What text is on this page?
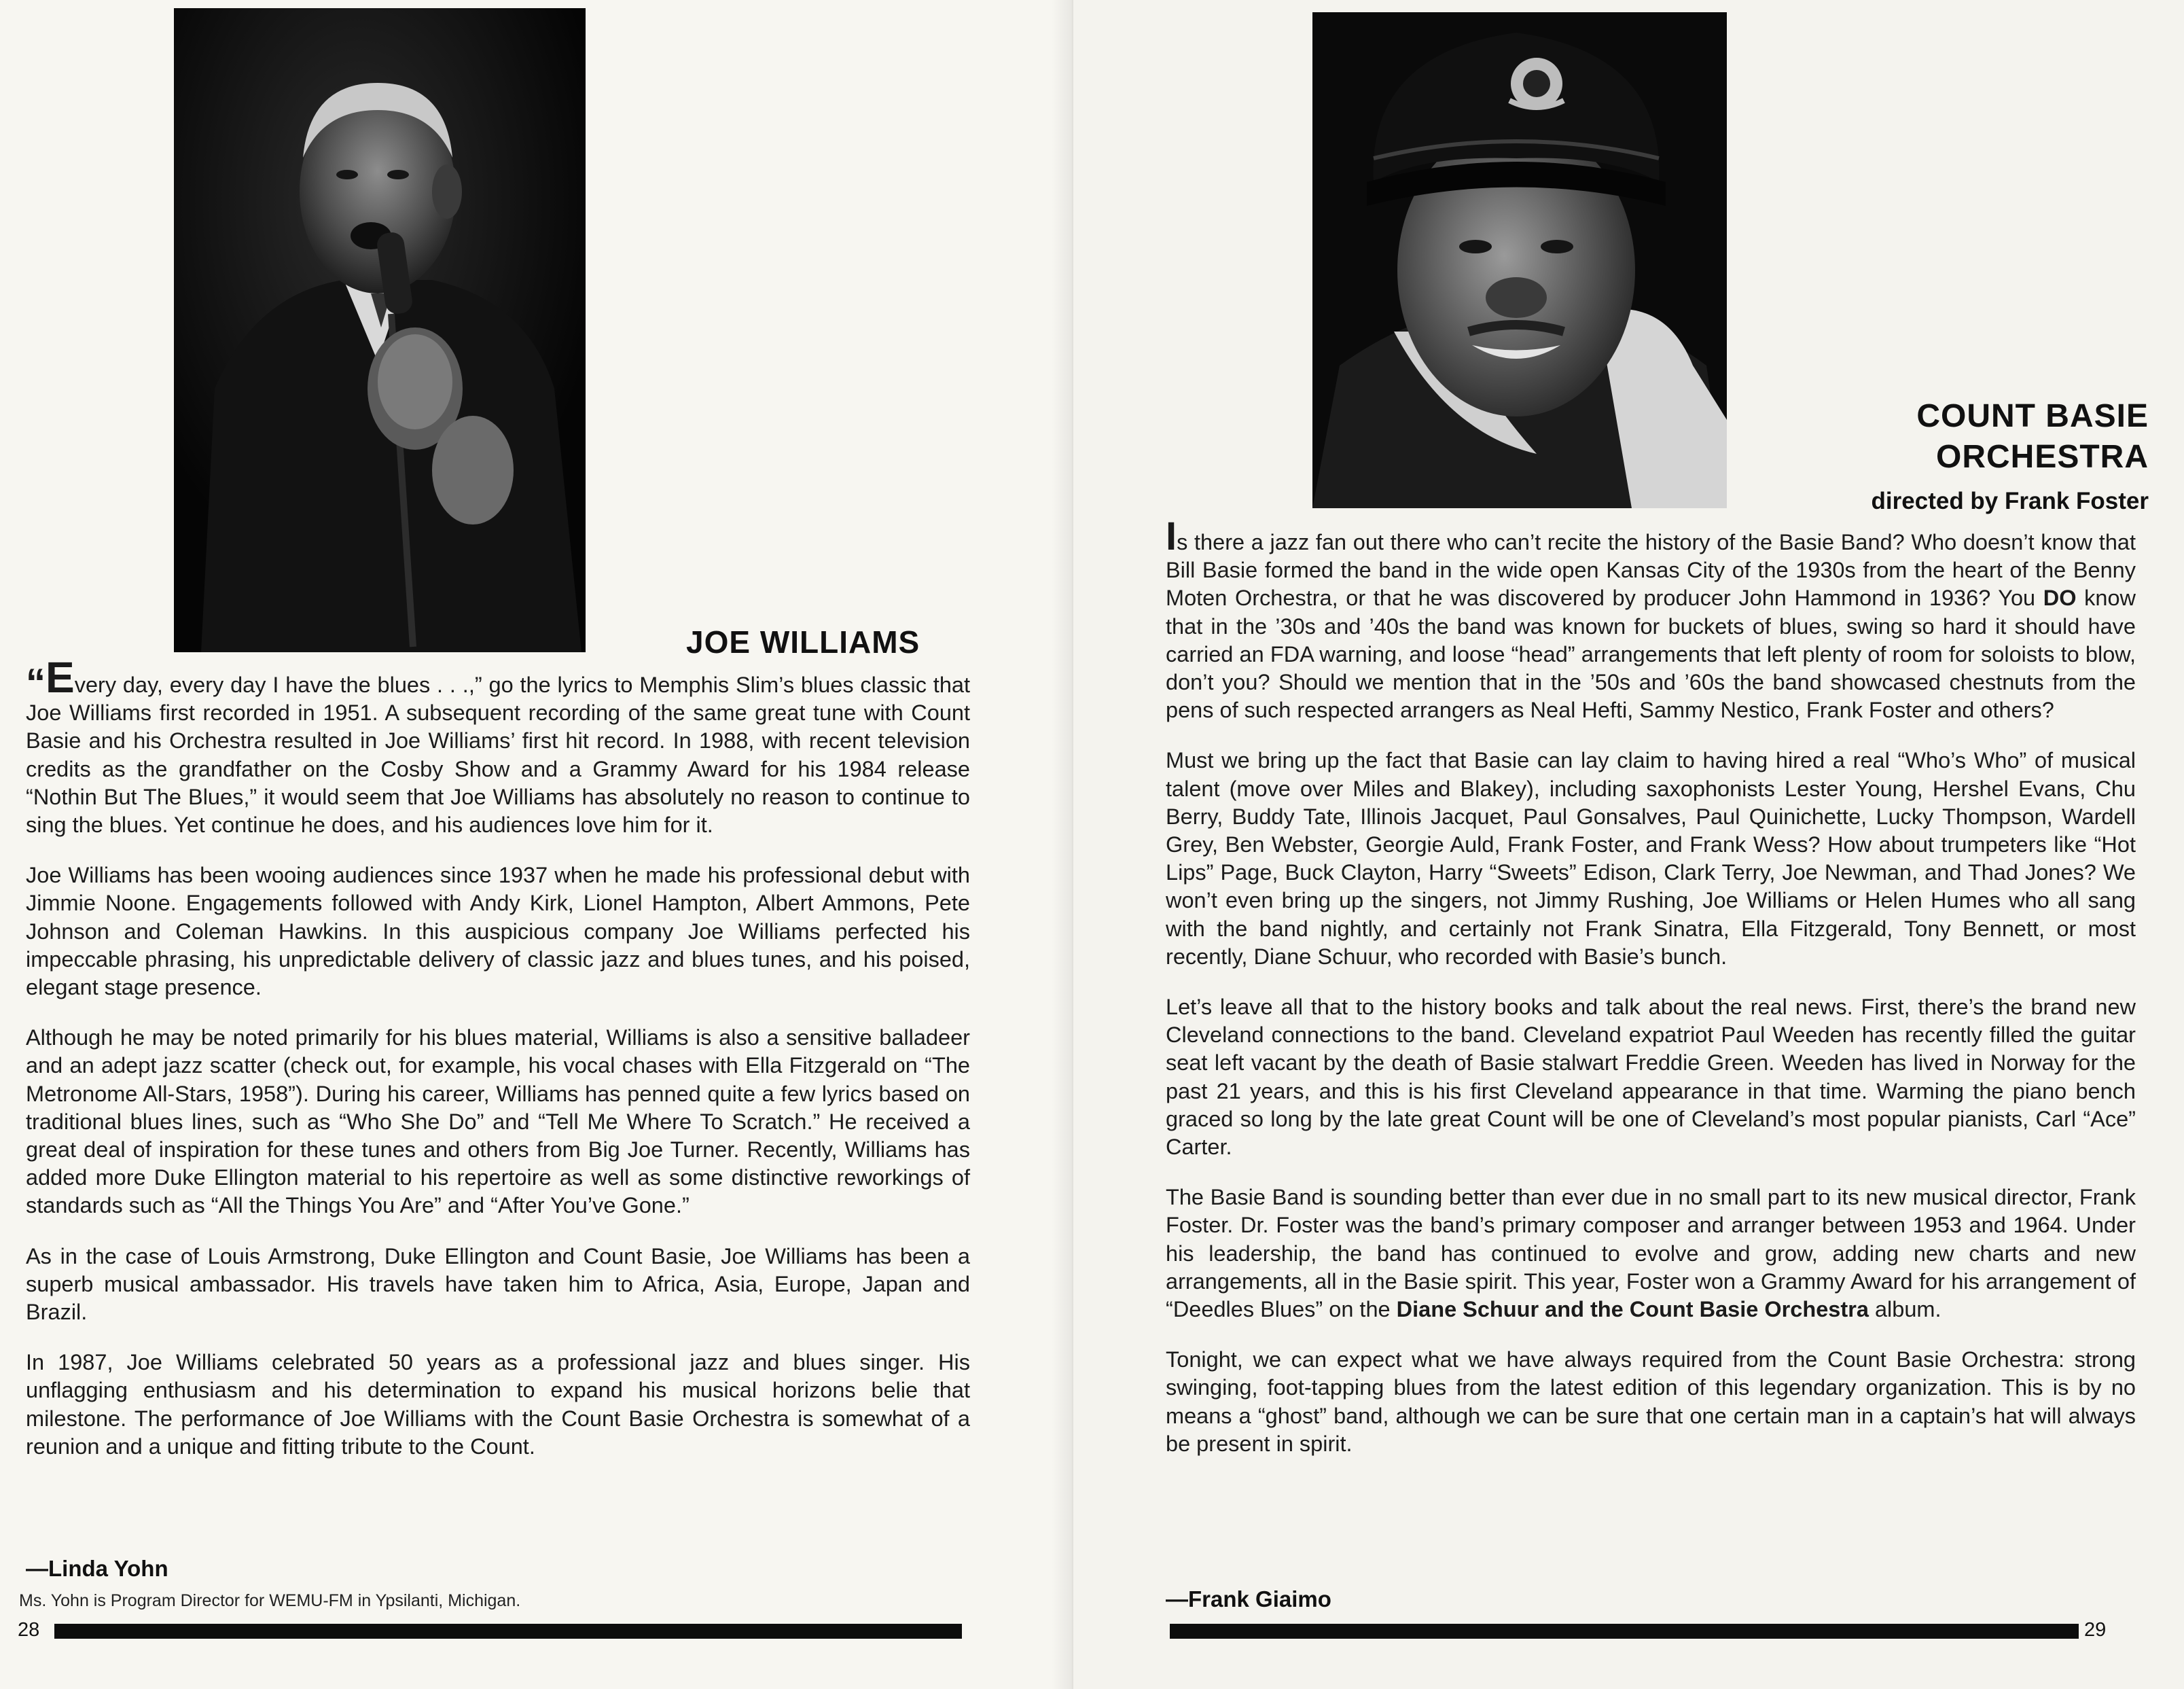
JOE WILLIAMS

“Every day, every day I have the blues . . .,” go the lyrics to Memphis Slim’s blues classic that Joe Williams first recorded in 1951. A subsequent recording of the same great tune with Count Basie and his Orchestra resulted in Joe Williams’ first hit record. In 1988, with recent television credits as the grandfather on the Cosby Show and a Grammy Award for his 1984 release “Nothin But The Blues,” it would seem that Joe Williams has absolutely no reason to continue to sing the blues. Yet continue he does, and his audiences love him for it.

Joe Williams has been wooing audiences since 1937 when he made his professional debut with Jimmie Noone. Engagements followed with Andy Kirk, Lionel Hampton, Albert Ammons, Pete Johnson and Coleman Hawkins. In this auspicious company Joe Williams perfected his impeccable phrasing, his unpredictable delivery of classic jazz and blues tunes, and his poised, elegant stage presence.

Although he may be noted primarily for his blues material, Williams is also a sensitive balladeer and an adept jazz scatter (check out, for example, his vocal chases with Ella Fitzgerald on “The Metronome All-Stars, 1958”). During his career, Williams has penned quite a few lyrics based on traditional blues lines, such as “Who She Do” and “Tell Me Where To Scratch.” He received a great deal of inspiration for these tunes and others from Big Joe Turner. Recently, Williams has added more Duke Ellington material to his repertoire as well as some distinctive reworkings of standards such as “All the Things You Are” and “After You’ve Gone.”

As in the case of Louis Armstrong, Duke Ellington and Count Basie, Joe Williams has been a superb musical ambassador. His travels have taken him to Africa, Asia, Europe, Japan and Brazil.

In 1987, Joe Williams celebrated 50 years as a professional jazz and blues singer. His unflagging enthusiasm and his determination to expand his musical horizons belie that milestone. The performance of Joe Williams with the Count Basie Orchestra is somewhat of a reunion and a unique and fitting tribute to the Count.

—Linda Yohn
Ms. Yohn is Program Director for WEMU-FM in Ypsilanti, Michigan.
28
COUNT BASIE
ORCHESTRA
directed by Frank Foster

Is there a jazz fan out there who can’t recite the history of the Basie Band? Who doesn’t know that Bill Basie formed the band in the wide open Kansas City of the 1930s from the heart of the Benny Moten Orchestra, or that he was discovered by producer John Hammond in 1936? You DO know that in the ’30s and ’40s the band was known for buckets of blues, swing so hard it should have carried an FDA warning, and loose “head” arrangements that left plenty of room for soloists to blow, don’t you? Should we mention that in the ’50s and ’60s the band showcased chestnuts from the pens of such respected arrangers as Neal Hefti, Sammy Nestico, Frank Foster and others?

Must we bring up the fact that Basie can lay claim to having hired a real “Who’s Who” of musical talent (move over Miles and Blakey), including saxophonists Lester Young, Hershel Evans, Chu Berry, Buddy Tate, Illinois Jacquet, Paul Gonsalves, Paul Quinichette, Lucky Thompson, Wardell Grey, Ben Webster, Georgie Auld, Frank Foster, and Frank Wess? How about trumpeters like “Hot Lips” Page, Buck Clayton, Harry “Sweets” Edison, Clark Terry, Joe Newman, and Thad Jones? We won’t even bring up the singers, not Jimmy Rushing, Joe Williams or Helen Humes who all sang with the band nightly, and certainly not Frank Sinatra, Ella Fitzgerald, Tony Bennett, or most recently, Diane Schuur, who recorded with Basie’s bunch.

Let’s leave all that to the history books and talk about the real news. First, there’s the brand new Cleveland connections to the band. Cleveland expatriot Paul Weeden has recently filled the guitar seat left vacant by the death of Basie stalwart Freddie Green. Weeden has lived in Norway for the past 21 years, and this is his first Cleveland appearance in that time. Warming the piano bench graced so long by the late great Count will be one of Cleveland’s most popular pianists, Carl “Ace” Carter.

The Basie Band is sounding better than ever due in no small part to its new musical director, Frank Foster. Dr. Foster was the band’s primary composer and arranger between 1953 and 1964. Under his leadership, the band has continued to evolve and grow, adding new charts and new arrangements, all in the Basie spirit. This year, Foster won a Grammy Award for his arrangement of “Deedles Blues” on the Diane Schuur and the Count Basie Orchestra album.

Tonight, we can expect what we have always required from the Count Basie Orchestra: strong swinging, foot-tapping blues from the latest edition of this legendary organization. This is by no means a “ghost” band, although we can be sure that one certain man in a captain’s hat will always be present in spirit.

—Frank Giaimo
29
